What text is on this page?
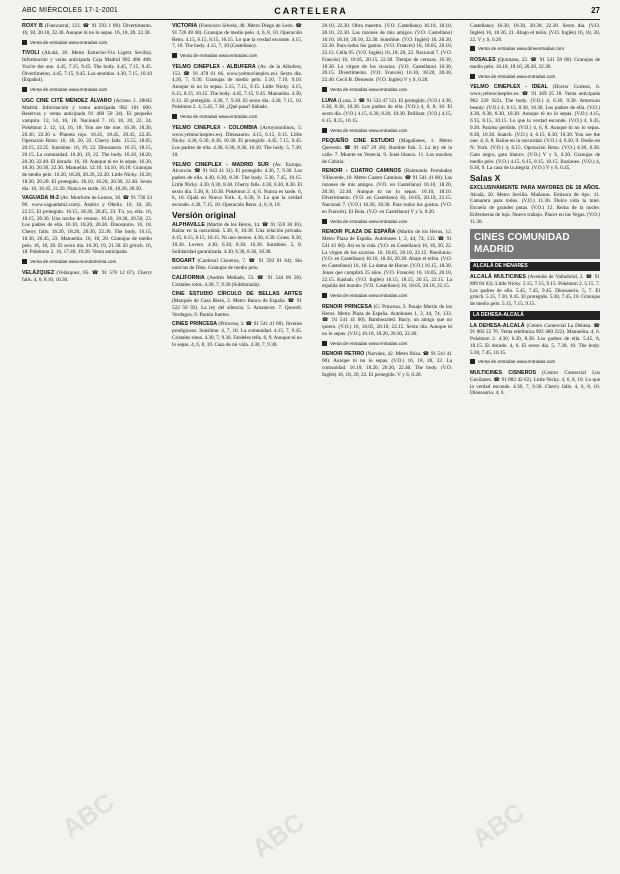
ABC MIÉRCOLES 17-1-2001	CARTELERA	27
ROXY B (Fuencarral, 123. ☎ 91 593 1 00). Divertimento. 16, 18, 20.10, 22.30. Aunque tú no lo sepas. 16, 18, 20, 22.30.
Venta de entradas www.entradas.com
TIVOLI (Alcalá, 20. Metro Estrecho-Vía Ligera Sevilla). Información y venta anticipada Caja Madrid 902 488 488. You're the one. 4.45, 7.15, 9.45. The body. 4.45, 7.15, 9.45. Divertimento. 4.45, 7.15, 9.45. Los sentidos. 4.30, 7.15, 10.10 (Español).
Venta de entradas www.entradas.com
UGC CINE CITÉ MÉNDEZ ÁLVARO (Acceso 2. 28045 Madrid. Información y venta anticipada 902 101 000. Reservas y venta anticipada 91 460 50 34). El pequeño vampiro. 12, 14, 16, 18. Nacional 7. 16, 18, 20, 22, 24. Pokémon 2. 12, 14, 16, 18. You are the one. 16.30, 18.30, 20.30, 22.30 s. Planeta rojo. 16.45, 18.45, 20.45, 22.45. Operación Reno. 16, 18, 20, 22. Cherry falls. 15.55, 18.05, 20.15, 22.25. Sunshine. 16, 19, 22. Dinosaurio. 16.15, 18.15, 20.15. La comunidad. 16.30, 19, 22. The body. 16.10, 18.20, 20.30, 22.40. El dorado. 16, 18. Aunque tú no lo sepas. 16.30, 18.30, 20.30, 22.30. Manuelita. 12.10, 14.10, 16.10. Granujas de medio pelo. 16.20, 18.20, 20.20, 22.20. Little Nicky. 16.20, 18.20, 20.20. El protegido. 16.10, 18.20, 20.30, 22.40. Sexto día. 16, 18.45, 21.20. Nunca es tarde. 16.10, 18.20, 20.30.
VAGUADA M-2 (Av. Monforte de Lemos, 36. ☎ 91 730 33 06. www.vaguadam2.com). Astérix y Obelix. 16, 18, 20, 22.15. El protegido. 16.15, 18.30, 20.45, 23. Tú, yo, ella. 16, 18.15, 20.30. Una noche de verano. 16.10, 18.30, 20.50, 23. Los padres de ella. 16.10, 18.20, 20.30. Dinosaurio. 16, 18. Cherry falls. 16.20, 18.20, 20.30, 22.30. The body. 16.15, 18.30, 20.45, 23. Manuelita. 16, 18, 20. Granujas de medio pelo. 16, 18, 20. El sexto día. 16.30, 19, 21.30. El grinch. 16, 18. Pokémon 2. 16, 17.40, 19.20. Venta anticipada.
Venta de entradas www.mundotreinta.com
VELÁZQUEZ (Velázquez, 85. ☎ 91 576 12 67). Cherry falls. 4, 6, 8.10, 10.30.
VICTORIA (Francisco Silvela, 48. Metro Diego de León. ☎ 91 726 48 40). Granujas de medio pelo. 4, 6, 8, 10. Operación Reno. 4.15, 6.15, 8.15, 10.15. Lo que la verdad esconde. 4.15, 7, 10. The body. 4.15, 7, 10 (Castellano).
Venta de entradas www.entradas.com
YELMO CINEPLEX - ALBUFERA (Av. de la Albufera, 153. ☎ 91 478 61 66. www.yelmocineplex.es). Sexto día. 4.30, 7, 9.30. Granujas de medio pelo. 5.10, 7.10, 9.10. Aunque tú no lo sepas. 5.15, 7.15, 9.15. Little Nicky. 4.15, 6.15, 8.15, 10.15. The body. 4.45, 7.15, 9.45. Manuelita. 4.30, 6.15. El protegido. 4.30, 7, 9.30. El sexto día. 4.30, 7.15, 10. Pokémon 2. 4, 5.45, 7.30. ¿Qué pasa? Sábado.
Venta de entradas www.entradas.com
YELMO CINEPLEX - COLOMBIA (Arroyomolinos, 5. www.yelmocineplex.es). Dinosaurio. 4.15, 6.15, 8.15. Little Nicky. 4.30, 6.30, 8.30, 10.30. El protegido. 4.45, 7.15, 9.45. Los padres de ella. 4.30, 6.30, 8.30, 10.30. The body. 5, 7.30, 10.
YELMO CINEPLEX - MADRID SUR (Av. Europa. Alcorcón. ☎ 91 643 41 31). El protegido. 4.30, 7, 9.30. Los padres de ella. 4.30, 6.30, 8.30. The body. 5.30, 7.45, 10.15. Little Nicky. 4.30, 6.30, 8.30. Cherry falls. 4.30, 6.30, 8.30. El sexto día. 5.30, 8, 10.30. Pokémon 2. 4, 6. Nunca es tarde. 6, 8, 10. Ojalá en Nueva York. 4, 6.30, 9. Lo que la verdad esconde. 4.30, 7.15, 10. Operación Reno. 4, 6, 8, 10.
Versión original
ALPHAVILLE (Martín de los Heros, 14. ☎ 91 559 38 36). Bailar en la oscuridad. 5.30, 8, 10.30. Una relación privada. 4.15, 6.15, 8.15, 10.15. Ni uno menos. 4.30, 6.30. Grass. 8.30, 10.30. Lovers. 4.30, 6.30, 8.30, 10.30. Sunshine. 5, 8. Solidaridad garantizada. 4.30, 6.30, 8.30, 10.30.
BOGART (Cardenal Cisneros, 7. ☎ 91 593 01 64). Sin noticias de Dios. Granujas de medio pelo.
CALIFORNIA (Andrés Mellado, 53. ☎ 91 544 00 58). Cristales rotos. 4.30, 7, 9.30 (Subtitulada).
CINE ESTUDIO CÍRCULO DE BELLAS ARTES (Marqués de Casa Riera, 2. Metro Banco de España. ☎ 91 522 50 92). La ley del silencio. 5. Amanecer. 7. Quorell. Verdugos. 9. Pastón fuertes.
CINES PRINCESA (Princesa, 3. ☎ 91 541 41 00). Jóvenes prodigiosos. Sunshine. 4, 7, 10. La comunidad. 4.15, 7, 9.45. Cristales rotos. 4.30, 7, 9.30. Fardeles tells. 6, 9. Aunque tú no lo sepas. 4, 6, 8, 10. Casa de mi vida. 4.30, 7, 9.30.
20.10, 22.30. Obra maestra. (V.O. Castellano) 16.10, 18.10, 20.10, 22.30. Las razones de mis amigos. (V.O. Castellano) 16.10, 18.10, 20.10, 22.30. Sunshine. (V.O. Inglés) 18, 20.30, 22.30. Para todos los gustos. (V.O. Francés) 16, 18.05, 20.10, 22.15. Cella 95. (V.O. Inglés) 16, 18, 20, 22. Nacional 7. (V.O. Francés) 16, 18.05, 20.15, 22.30. Tiempo de cerezas. 16.30, 18.30. La virgen de los sicarios. (V.O. Castellano) 16.30, 20.15. Divertimento. (V.O. Francés) 16.10, 18.20, 20.30, 22.40. Cecil B. Demente. (V.O. Inglés) V y S, 0.20.
Venta de entradas www.entradas.com
LUNA (Luna, 2. ☎ 91 522 47 52). El protegido. (V.O.) 4.30, 6.30, 8.30, 10.30. Los padres de ella. (V.O.) 4, 6, 8, 10. El sexto día. (V.O.) 4.15, 6.20, 8.20, 10.30. Brilliant. (V.O.) 4.15, 6.15, 8.15, 10.15.
Venta de entradas www.entradas.com
PEQUEÑO CINE ESTUDIO (Magallanes, 1. Metro Quevedo. ☎ 91 447 29 20). Rumble fish. 5. La ley de la calle. 7. Muerte en Venecia. 9. Josei blanco. 11. Los muchos de Cabiria.
RENOIR - CUATRO CAMINOS (Raimundo Fernández Villaverde, 10. Metro Cuatro Caminos. ☎ 91 541 41 00). Las razones de mis amigos. (V.O. en Castellano) 16.10, 18.20, 20.30, 22.40. Aunque tú no lo sepas. 16.10, 18.10. Divertimento. (V.O. en Castellano) 16, 18.05, 20.10, 22.15. Nacional 7. (V.O.) 16.30, 18.30. Para todos los gustos. (V.O. en Francés). El Bola. (V.O. en Castellano) V y S, 0.20.
Venta de entradas www.entradas.com
RENOIR PLAZA DE ESPAÑA (Martín de los Heros, 12. Metro Plaza de España. Autobuses 1, 2, 44, 74, 133. ☎ 91 541 41 00). Así es la vida. (V.O. en Castellano) 16, 18, 20, 22. La virgen de los sicarios. 16, 18.05, 20.10, 22.15. Plenilunio. (V.O. en Castellano) 16.10, 18.20, 20.30. Abajo el telón. (V.O. en Castellano) 16, 18. La dama de Honor. (V.O.) 16.15, 18.30. Jonas que cumplirá 25 años. (V.O. Francés) 16, 18.05, 20.10, 22.15. Kasbah. (V.O. Inglés) 16.15, 18.15, 20.15, 22.15. La espalda del mundo. (V.O. Castellano) 16, 18.05, 20.10, 22.15.
Venta de entradas www.entradas.com
RENOIR PRINCESA (C/ Princesa, 3. Pasaje Martín de los Heros. Metro Plaza de España. Autobuses 1, 2, 44, 74, 133. ☎ 91 541 41 00). Bamboozled. Barry, un amigo que no quiero. (V.O.) 16, 18.05, 20.10, 22.15. Sexto día. Aunque tú no lo sepas. (V.O.) 16.10, 18.20, 20.30, 22.40.
Venta de entradas www.entradas.com
RENOIR RETIRO (Narváez, 42. Metro Ibiza. ☎ 91 541 41 00). Aunque tú no lo sepas. (V.O.) 16, 18, 20, 22. La comunidad. 16.10, 18.20, 20.30, 22.40. The body. (V.O. Inglés) 16, 18, 20, 22. El protegido. V y S, 0.20.
Castellano) 16.30, 18.30, 20.30, 22.30. Sexto día. (V.O. Inglés) 16, 18.30, 21. Abajo el telón. (V.O. Inglés) 16, 18, 20, 22. V y S, 0.20.
Venta de entradas www.dineentradas.com
ROSALES (Quintana, 22. ☎ 91 541 58 00). Granujas de medio pelo. 16.10, 18.10, 20.20, 22.30.
Venta de entradas www.entradas.com
YELMO CINEPLEX - IDEAL (Doctor Cortezo, 6. www.yelmocineplex.es. ☎ 91 369 25 18. Venta anticipada 902 220 922). The body. (V.O.) 4, 6.30, 9.30. American beauty. (V.O.) 4, 6.15, 8.30, 10.30. Los padres de ella. (V.O.) 4.30, 6.30, 8.30, 10.30. Aunque tú no lo sepas. (V.O.) 4.15, 6.15, 8.15, 10.15. Lo que la verdad esconde. (V.O.) 4, 6.45, 9.30. Paraíso perdido. (V.O.) 4, 6, 8. Aunque tú no lo sepas. 8.30, 10.30. Snatch. (V.O.) 4, 6.15, 8.30, 10.30. You are the one. 4, 6, 8. Bailar en la oscuridad. (V.O.) 4, 6.30, 9. Otoño en N. York. (V.O.) 4, 6.15. Operación Reno. (V.O.) 4.30, 6.30. Gato negro, gato blanco. (V.O.) V y S, 0.30. Granujas de medio pelo. (V.O.) 4.15, 6.15, 8.15, 10.15. Ilusiones. (V.O.) 4, 6.30, 9. La casa de la alegría. (V.O.) V y S, 0.45.
Salas X
EXCLUSIVAMENTE PARA MAYORES DE 18 AÑOS. Alcalá, 20. Metro Sevilla. Mañanas. Emisora de tipo. 11. Camarera para todos. (V.O.) 11.30. Dulce vida la miel. Escuela de grandes putas. (V.O.) 12. Reina de la noche. Enfermeras de lujo. Nuevo trabajo. Placer en las Vegas. (V.O.) 11.30.
CINES COMUNIDAD MADRID
ALCALÁ DE HENARES
ALCALÁ MULTICINES (Avenida de Valladolid, 2. ☎ 91 889 84 63). Little Nicky. 5.15, 7.15, 9.15. Pokémon 2. 5.15, 7. Los padres de ella. 5.45, 7.45, 9.45. Dinosaurio. 5, 7. El grinch. 5.15, 7.30, 9.45. El protegido. 5.30, 7.45, 10. Granujas de medio pelo. 5.15, 7.15, 9.15.
LA DEHESA-ALCALÁ
LA DEHESA-ALCALÁ (Centro Comercial La Dehesa. ☎ 91 883 22 76. Venta telefónica 902 400 222). Manuelita. 4, 6. Pokémon 2. 4.30, 6.30, 8.30. Los padres de ella. 5.45, 8, 10.15. El dorado. 4, 6. El sexto día. 5, 7.30, 10. The body. 5.30, 7.45, 10.15.
Venta de entradas www.entradas.com
MULTICINES CISNEROS (Centro Comercial Los Gavilanes. ☎ 91 882 42 62). Little Nicky. 4, 6, 8, 10. Lo que la verdad esconde. 4.30, 7, 9.30. Cherry falls. 4, 6, 8, 10. Dinosaurio. 4, 6.
ABC	ABC	ABC
